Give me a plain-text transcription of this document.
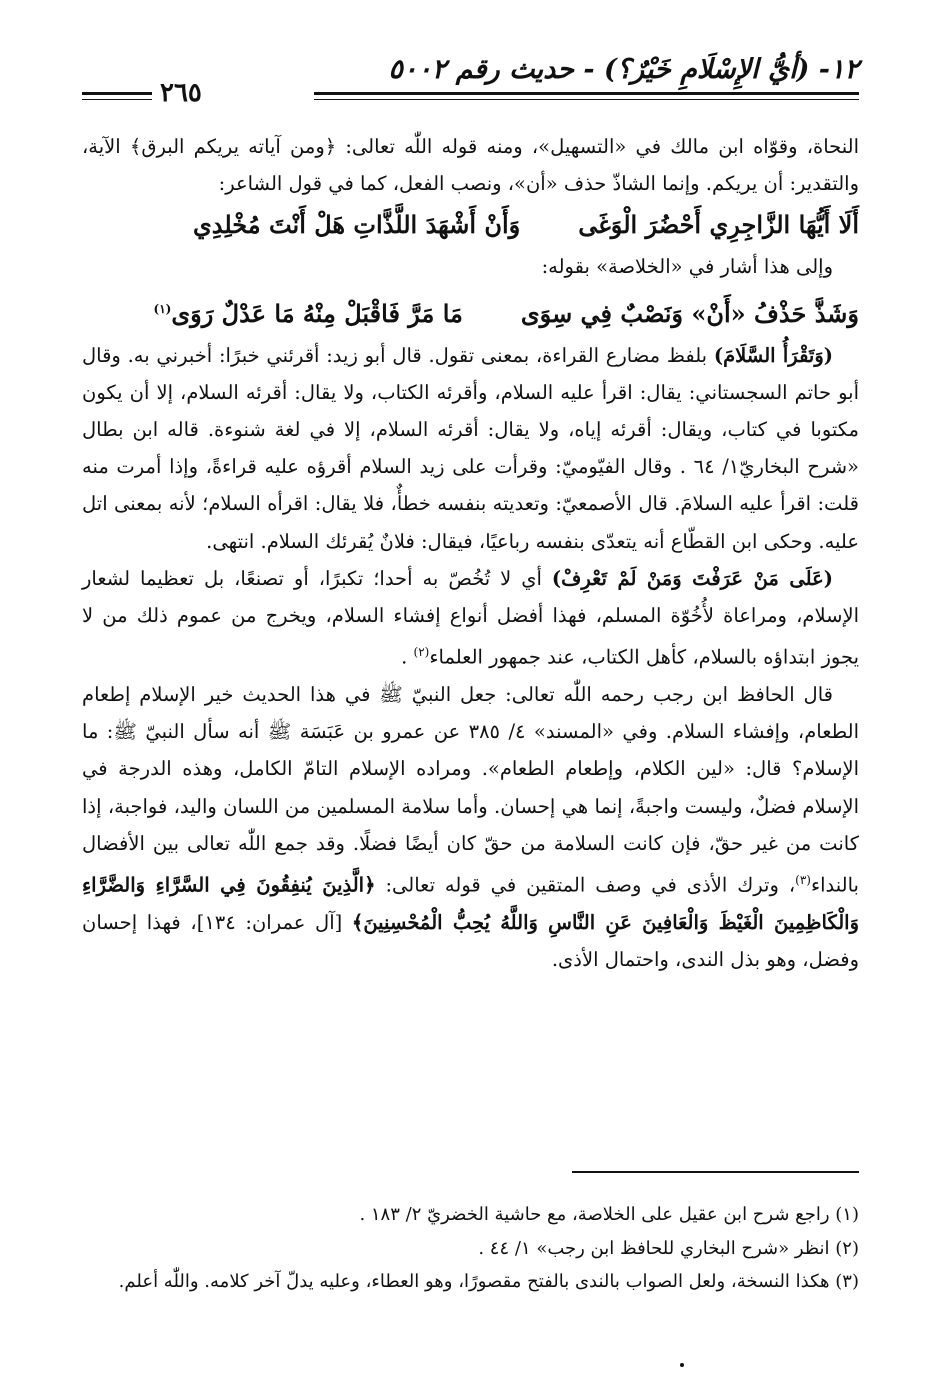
١٢- (أيُّ الإِسْلَامِ خَيْرٌ؟) - حديث رقم ٥٠٠٢
٢٦٥

النحاة، وقوّاه ابن مالك في «التسهيل»، ومنه قوله اللّٰه تعالى: ﴿ومن آياته يريكم البرق﴾ الآية، والتقدير: أن يريكم. وإنما الشاذّ حذف «أن»، ونصب الفعل، كما في قول الشاعر:

أَلَا أَيُّهَا الزَّاجِرِي أَحْضُرَ الْوَغَىوَأَنْ أَشْهَدَ اللَّذَّاتِ هَلْ أَنْتَ مُخْلِدِي

وإلى هذا أشار في «الخلاصة» بقوله:

وَشَذَّ حَذْفُ «أَنْ» وَنَصْبٌ فِي سِوَىمَا مَرَّ فَاقْبَلْ مِنْهُ مَا عَدْلٌ رَوَى$^{(١)}$

(وَتَقْرَأُ السَّلَامَ) بلفظ مضارع القراءة، بمعنى تقول. قال أبو زيد: أقرئني خبرًا: أخبرني به. وقال أبو حاتم السجستاني: يقال: اقرأ عليه السلام، وأقرئه الكتاب، ولا يقال: أقرئه السلام، إلا أن يكون مكتوبا في كتاب، ويقال: أقرئه إياه، ولا يقال: أقرئه السلام، إلا في لغة شنوءة. قاله ابن بطال «شرح البخاريّ١/ ٦٤ . وقال الفيّوميّ: وقرأت على زيد السلام أقرؤه عليه قراءةً، وإذا أمرت منه قلت: اقرأ عليه السلامَ. قال الأصمعيّ: وتعديته بنفسه خطأٌ، فلا يقال: اقرأه السلام؛ لأنه بمعنى اتل عليه. وحكى ابن القطّاع أنه يتعدّى بنفسه رباعيًا، فيقال: فلانٌ يُقرئك السلام. انتهى.

(عَلَى مَنْ عَرَفْتَ وَمَنْ لَمْ تَعْرِفْ) أي لا تُخُصّ به أحدا؛ تكبرًا، أو تصنعًا، بل تعظيما لشعار الإسلام، ومراعاة لأُخُوّة المسلم، فهذا أفضل أنواع إفشاء السلام، ويخرج من عموم ذلك من لا يجوز ابتداؤه بالسلام، كأهل الكتاب، عند جمهور العلماء$^{(٢)}$ .

قال الحافظ ابن رجب رحمه اللّٰه تعالى: جعل النبيّ ﷺ في هذا الحديث خير الإسلام إطعام الطعام، وإفشاء السلام. وفي «المسند» ٤/ ٣٨٥ عن عمرو بن عَبَسَة ﷺ أنه سأل النبيّ ﷺ: ما الإسلام؟ قال: «لين الكلام، وإطعام الطعام». ومراده الإسلام التامّ الكامل، وهذه الدرجة في الإسلام فضلٌ، وليست واجبةً، إنما هي إحسان. وأما سلامة المسلمين من اللسان واليد، فواجبة، إذا كانت من غير حقّ، فإن كانت السلامة من حقّ كان أيضًا فضلًا. وقد جمع اللّٰه تعالى بين الأفضال بالنداء$^{(٣)}$، وترك الأذى في وصف المتقين في قوله تعالى: ﴿الَّذِينَ يُنفِقُونَ فِي السَّرَّاءِ وَالضَّرَّاءِ وَالْكَاظِمِينَ الْغَيْظَ وَالْعَافِينَ عَنِ النَّاسِ وَاللَّهُ يُحِبُّ الْمُحْسِنِينَ﴾ [آل عمران: ١٣٤]، فهذا إحسان وفضل، وهو بذل الندى، واحتمال الأذى.

(١) راجع شرح ابن عقيل على الخلاصة، مع حاشية الخضريّ ٢/ ١٨٣ .

(٢) انظر «شرح البخاري للحافظ ابن رجب» ١/ ٤٤ .

(٣) هكذا النسخة، ولعل الصواب بالندى بالفتح مقصورًا، وهو العطاء، وعليه يدلّ آخر كلامه. واللّٰه أعلم.
